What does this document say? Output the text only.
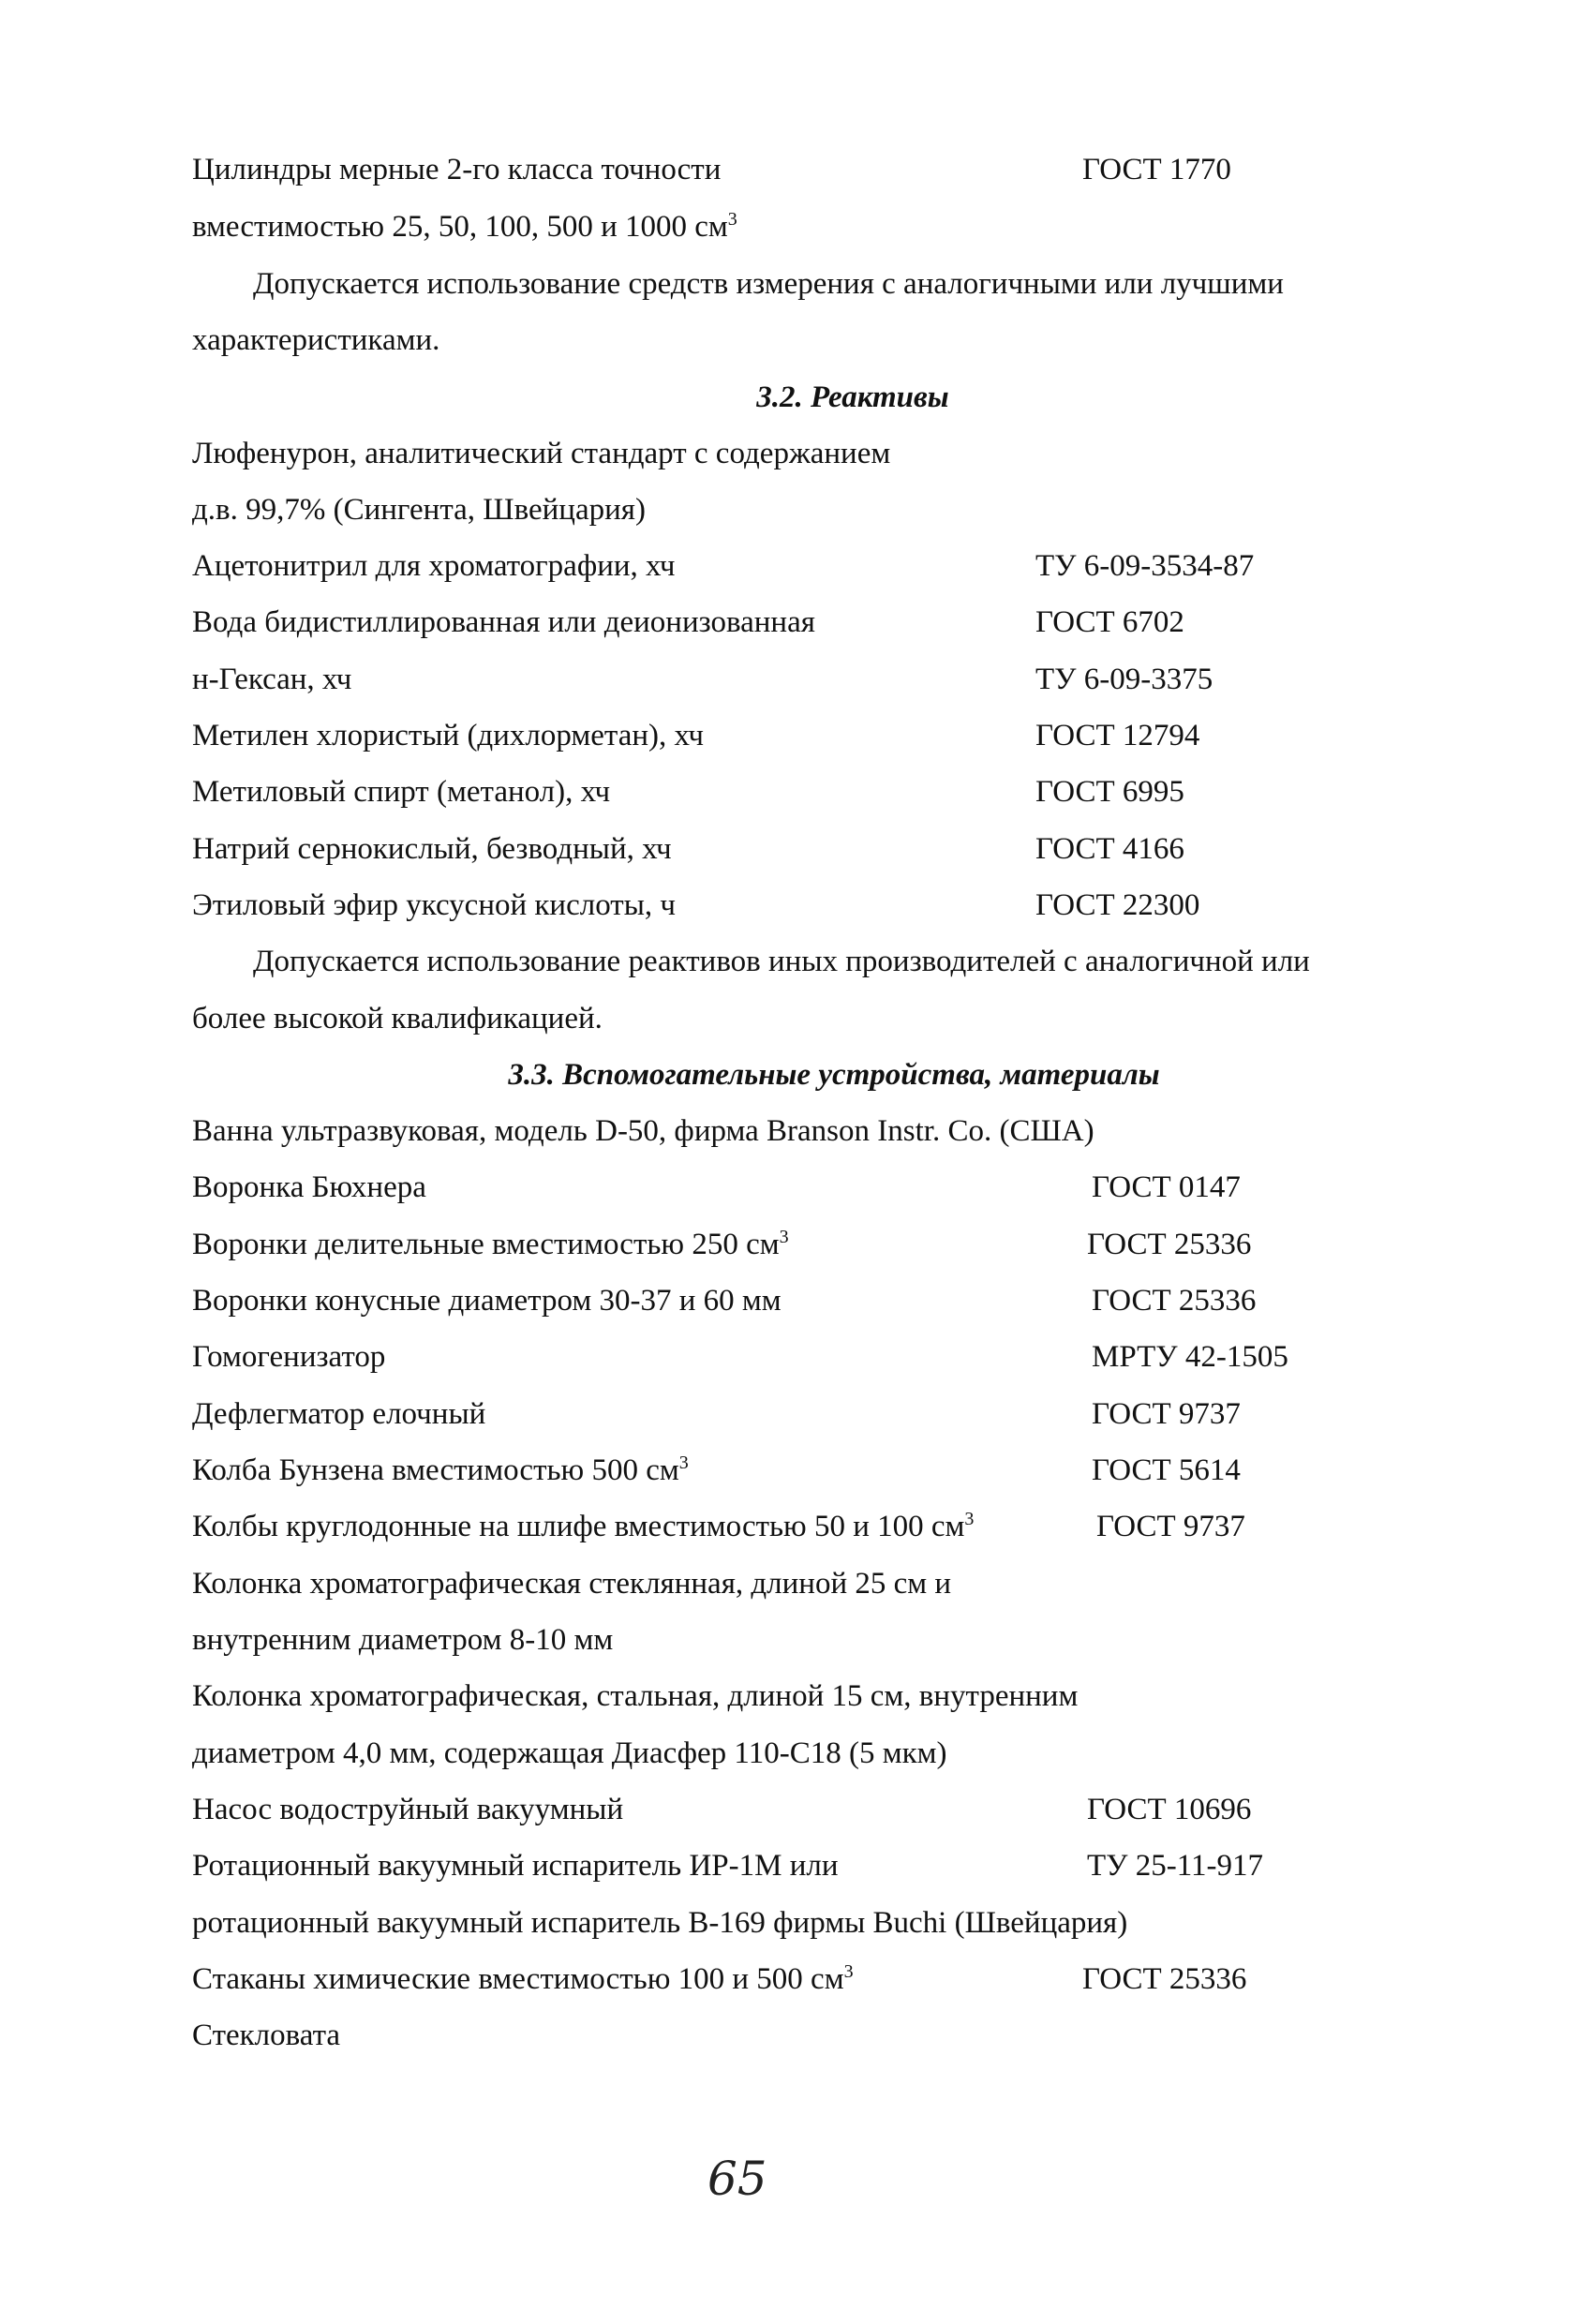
Цилиндры мерные 2-го класса точности	ГОСТ 1770
вместимостью 25, 50, 100, 500 и 1000 $см^3$
Допускается использование средств измерения с аналогичными или лучшими
характеристиками.
3.2. Реактивы
Люфенурон, аналитический стандарт с содержанием
д.в. 99,7% (Сингента, Швейцария)
Ацетонитрил для хроматографии, хч	ТУ 6-09-3534-87
Вода бидистиллированная или деионизованная	ГОСТ 6702
н-Гексан, хч	ТУ 6-09-3375
Метилен хлористый (дихлорметан), хч	ГОСТ 12794
Метиловый спирт (метанол), хч	ГОСТ 6995
Натрий сернокислый, безводный, хч	ГОСТ 4166
Этиловый эфир уксусной кислоты, ч	ГОСТ 22300
Допускается использование реактивов иных производителей с аналогичной или
более высокой квалификацией.
3.3. Вспомогательные устройства, материалы
Ванна ультразвуковая, модель D-50, фирма Branson Instr. Co. (США)
Воронка Бюхнера	ГОСТ 0147
Воронки делительные вместимостью 250 $см^3$	ГОСТ 25336
Воронки конусные диаметром 30-37 и 60 мм	ГОСТ 25336
Гомогенизатор	МРТУ 42-1505
Дефлегматор елочный	ГОСТ 9737
Колба Бунзена вместимостью 500 $см^3$	ГОСТ 5614
Колбы круглодонные на шлифе вместимостью 50 и 100 $см^3$	ГОСТ 9737
Колонка хроматографическая стеклянная, длиной 25 см и
внутренним диаметром 8-10 мм
Колонка хроматографическая, стальная, длиной 15 см, внутренним
диаметром 4,0 мм, содержащая Диасфер 110-С18 (5 мкм)
Насос водоструйный вакуумный	ГОСТ 10696
Ротационный вакуумный испаритель ИР-1М или	ТУ 25-11-917
ротационный вакуумный испаритель В-169 фирмы Buchi (Швейцария)
Стаканы химические вместимостью 100 и 500 $см^3$	ГОСТ 25336
Стекловата
65
